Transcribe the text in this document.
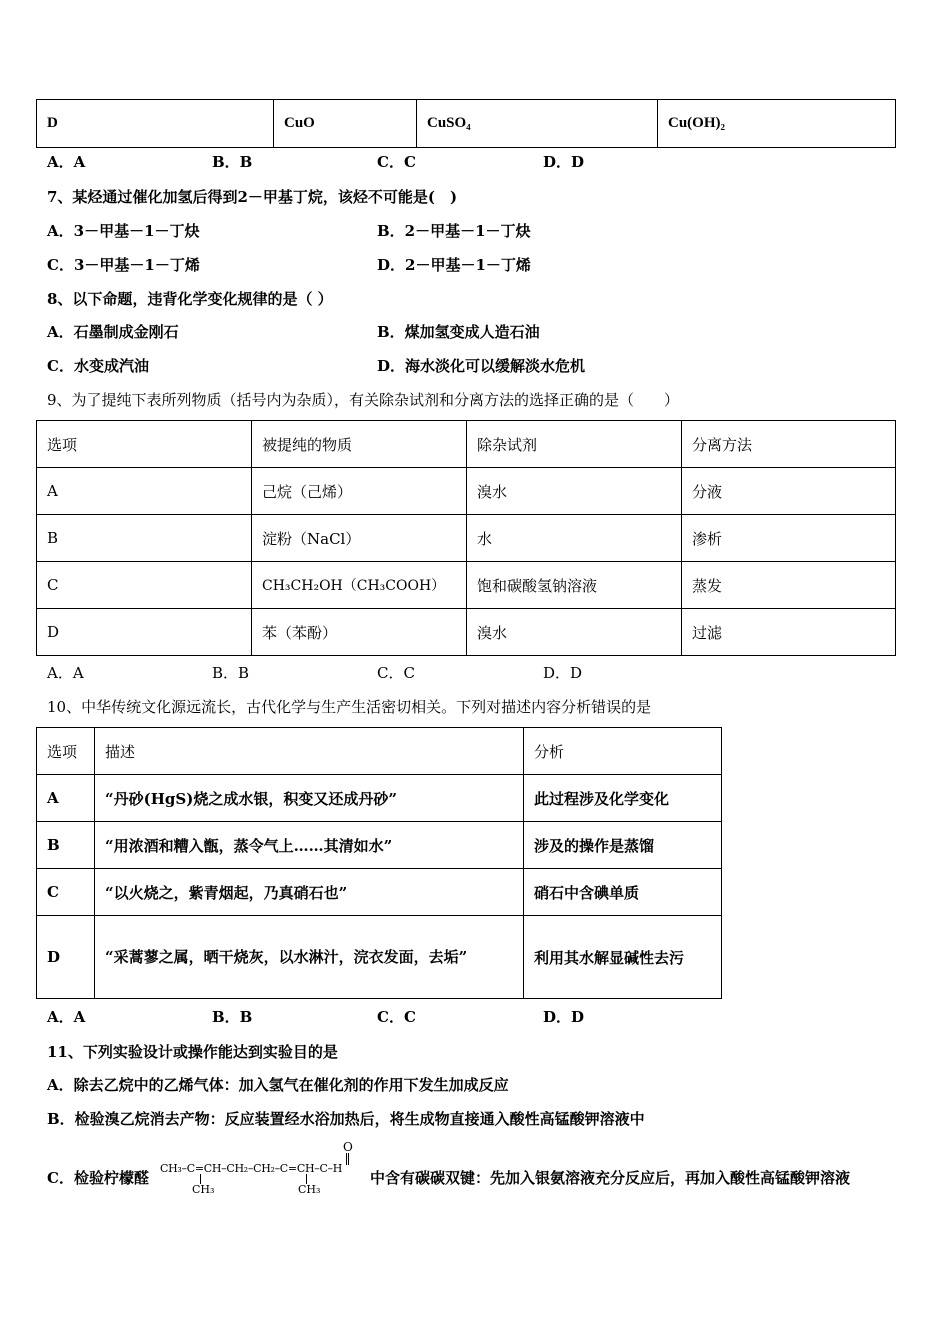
D	CuO	CuSO₄	Cu(OH)₂
A．A	B．B	C．C	D．D
7、某烃通过催化加氢后得到2－甲基丁烷，该烃不可能是(　)
A．3－甲基－1－丁炔	B．2－甲基－1－丁炔
C．3－甲基－1－丁烯	D．2－甲基－1－丁烯
8、以下命题，违背化学变化规律的是（ ）
A．石墨制成金刚石	B．煤加氢变成人造石油
C．水变成汽油	D．海水淡化可以缓解淡水危机
9、为了提纯下表所列物质（括号内为杂质），有关除杂试剂和分离方法的选择正确的是（　　）
选项	被提纯的物质	除杂试剂	分离方法
A	己烷（己烯）	溴水	分液
B	淀粉（NaCl）	水	渗析
C	CH₃CH₂OH（CH₃COOH）	饱和碳酸氢钠溶液	蒸发
D	苯（苯酚）	溴水	过滤
A．A	B．B	C．C	D．D
10、中华传统文化源远流长，古代化学与生产生活密切相关。下列对描述内容分析错误的是
选项	描述	分析
A	“丹砂(HgS)烧之成水银，积变又还成丹砂”	此过程涉及化学变化
B	“用浓酒和糟入甑，蒸令气上……其清如水”	涉及的操作是蒸馏
C	“以火烧之，紫青烟起，乃真硝石也”	硝石中含碘单质
D	“采蒿蓼之属，晒干烧灰，以水淋汁，浣衣发面，去垢”	利用其水解显碱性去污
A．A	B．B	C．C	D．D
11、下列实验设计或操作能达到实验目的是
A．除去乙烷中的乙烯气体：加入氢气在催化剂的作用下发生加成反应
B．检验溴乙烷消去产物：反应装置经水浴加热后，将生成物直接通入酸性高锰酸钾溶液中
C．检验柠檬醛
O
CH₃–C=CH–CH₂–CH₂–C=CH–C–H
CH₃	CH₃
中含有碳碳双键：先加入银氨溶液充分反应后，再加入酸性高锰酸钾溶液
